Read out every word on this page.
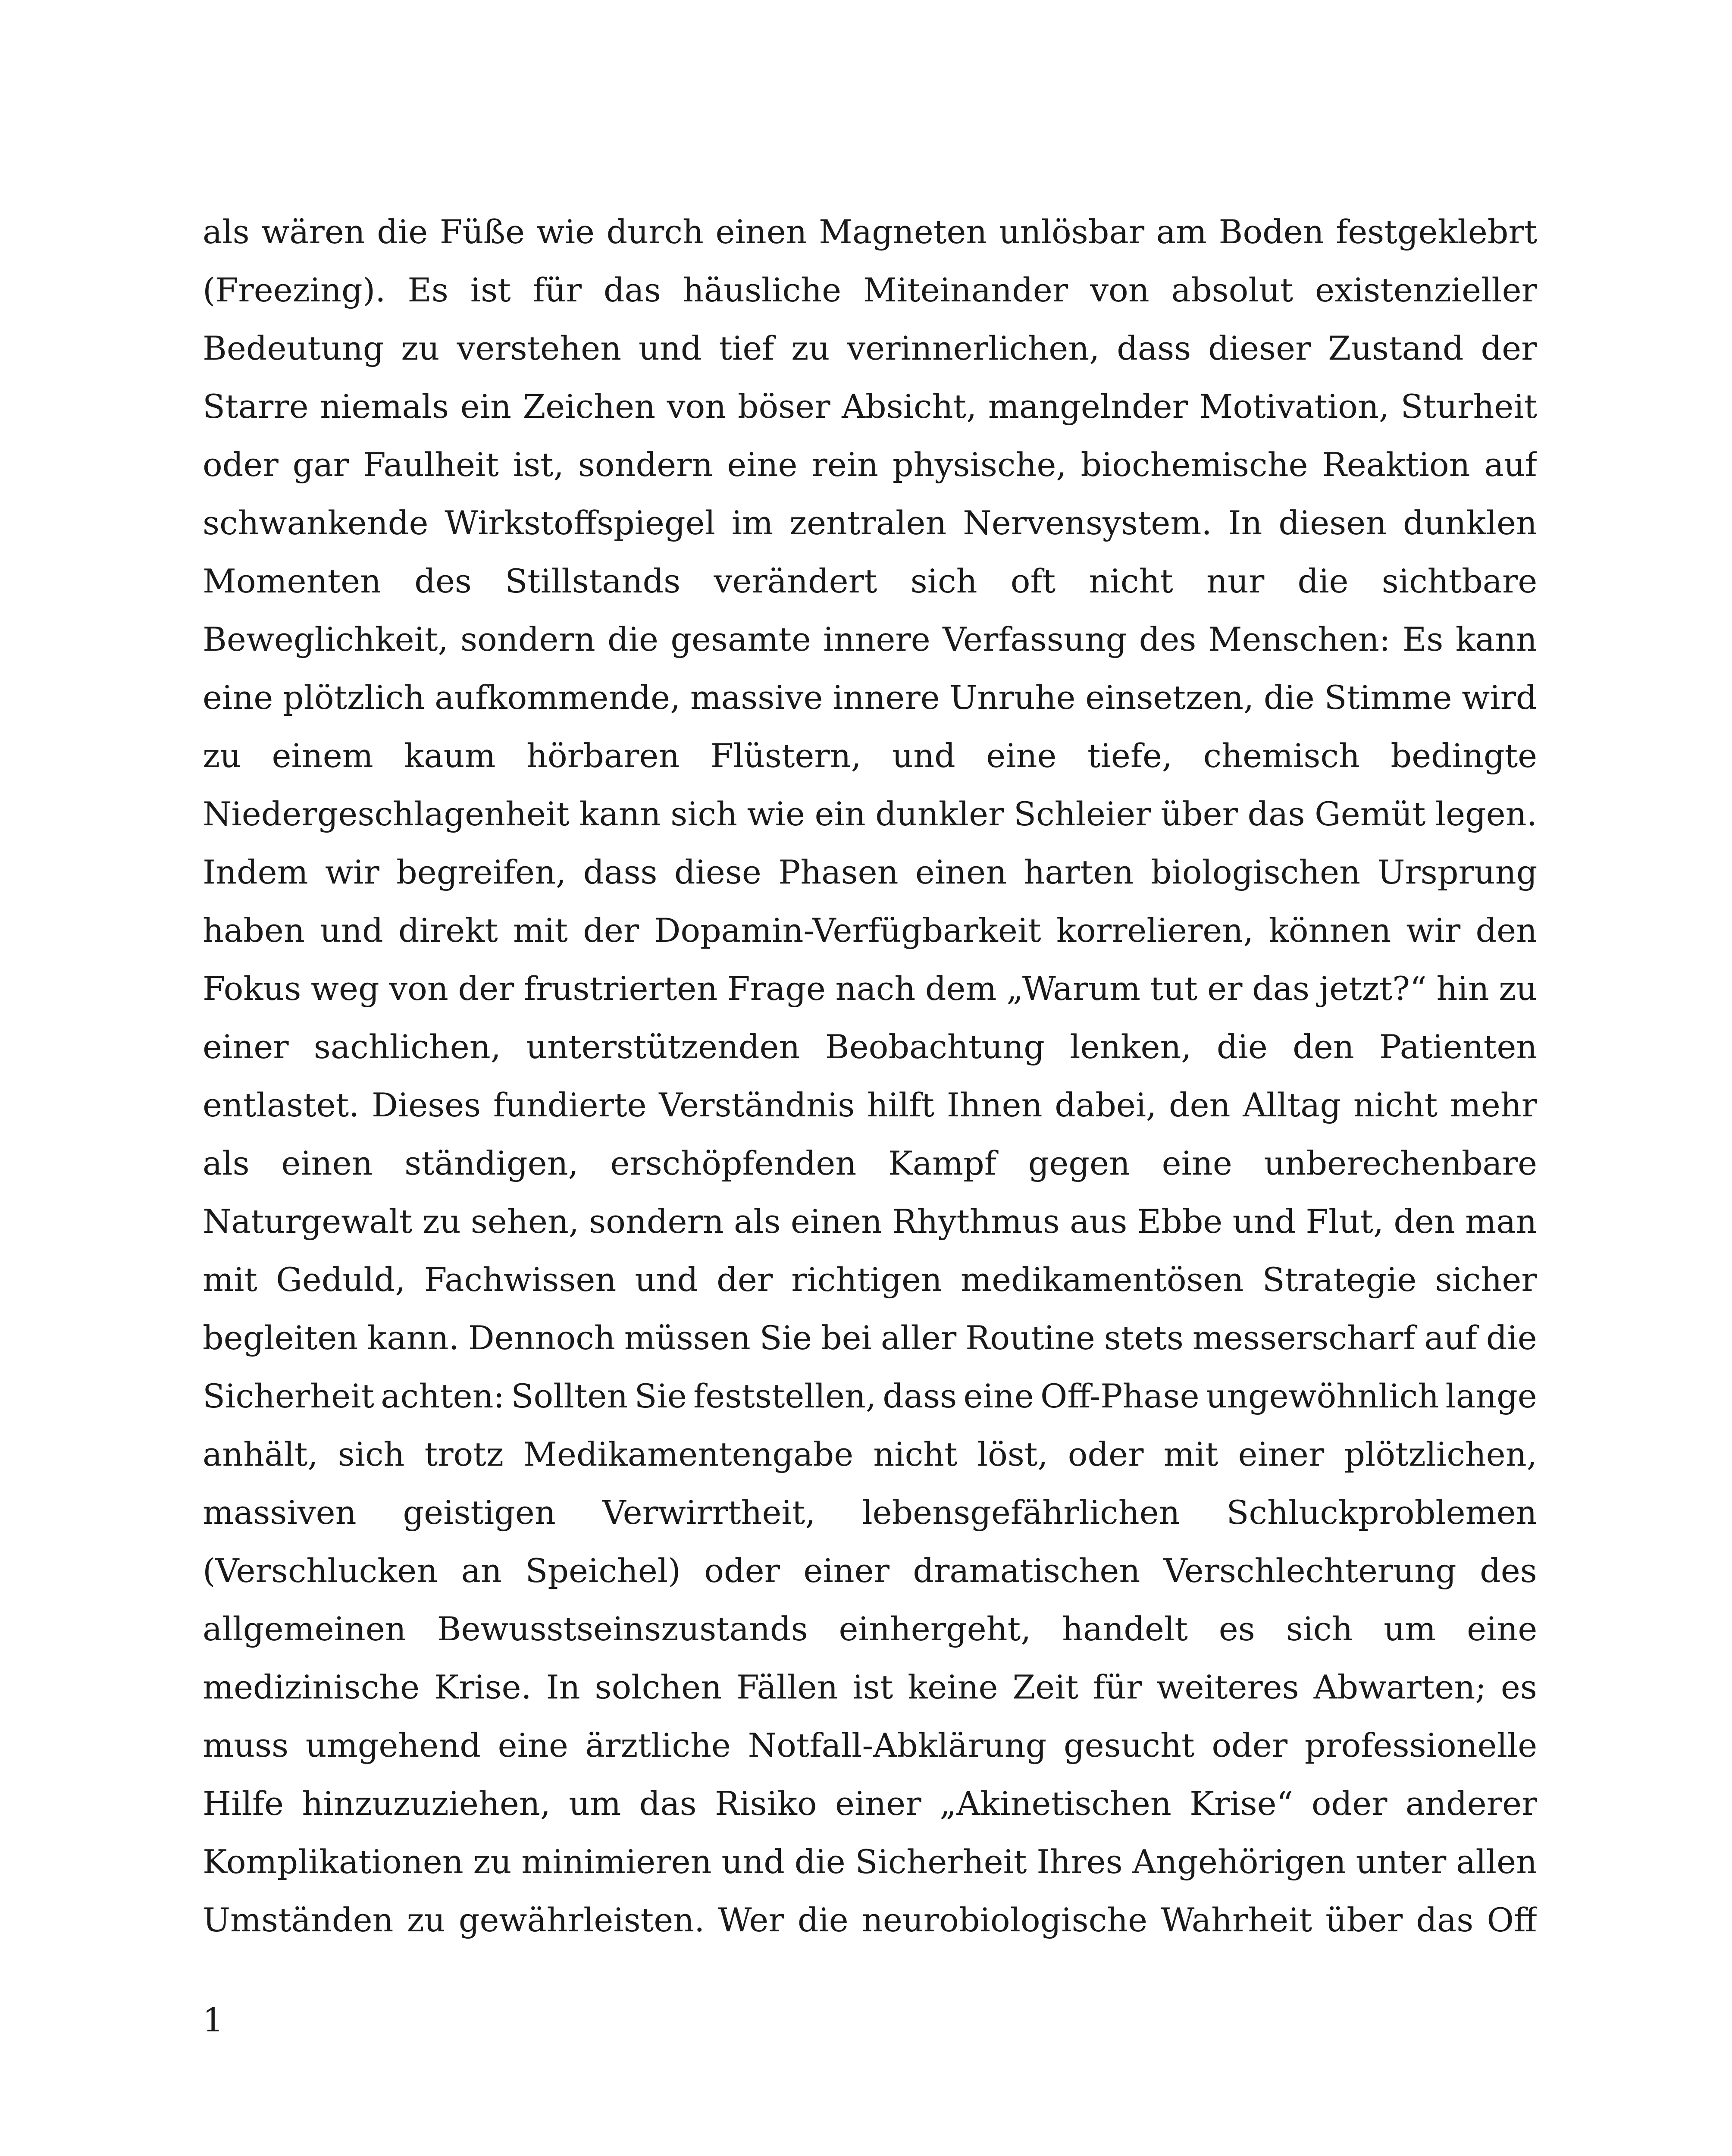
als wären die Füße wie durch einen Magneten unlösbar am Boden festgeklebrt
(Freezing). Es ist für das häusliche Miteinander von absolut existenzieller
Bedeutung zu verstehen und tief zu verinnerlichen, dass dieser Zustand der
Starre niemals ein Zeichen von böser Absicht, mangelnder Motivation, Sturheit
oder gar Faulheit ist, sondern eine rein physische, biochemische Reaktion auf
schwankende Wirkstoffspiegel im zentralen Nervensystem. In diesen dunklen
Momenten des Stillstands verändert sich oft nicht nur die sichtbare
Beweglichkeit, sondern die gesamte innere Verfassung des Menschen: Es kann
eine plötzlich aufkommende, massive innere Unruhe einsetzen, die Stimme wird
zu einem kaum hörbaren Flüstern, und eine tiefe, chemisch bedingte
Niedergeschlagenheit kann sich wie ein dunkler Schleier über das Gemüt legen.
Indem wir begreifen, dass diese Phasen einen harten biologischen Ursprung
haben und direkt mit der Dopamin-Verfügbarkeit korrelieren, können wir den
Fokus weg von der frustrierten Frage nach dem „Warum tut er das jetzt?“ hin zu
einer sachlichen, unterstützenden Beobachtung lenken, die den Patienten
entlastet. Dieses fundierte Verständnis hilft Ihnen dabei, den Alltag nicht mehr
als einen ständigen, erschöpfenden Kampf gegen eine unberechenbare
Naturgewalt zu sehen, sondern als einen Rhythmus aus Ebbe und Flut, den man
mit Geduld, Fachwissen und der richtigen medikamentösen Strategie sicher
begleiten kann. Dennoch müssen Sie bei aller Routine stets messerscharf auf die
Sicherheit achten: Sollten Sie feststellen, dass eine Off-Phase ungewöhnlich lange
anhält, sich trotz Medikamentengabe nicht löst, oder mit einer plötzlichen,
massiven geistigen Verwirrtheit, lebensgefährlichen Schluckproblemen
(Verschlucken an Speichel) oder einer dramatischen Verschlechterung des
allgemeinen Bewusstseinszustands einhergeht, handelt es sich um eine
medizinische Krise. In solchen Fällen ist keine Zeit für weiteres Abwarten; es
muss umgehend eine ärztliche Notfall-Abklärung gesucht oder professionelle
Hilfe hinzuzuziehen, um das Risiko einer „Akinetischen Krise“ oder anderer
Komplikationen zu minimieren und die Sicherheit Ihres Angehörigen unter allen
Umständen zu gewährleisten. Wer die neurobiologische Wahrheit über das Off
1
